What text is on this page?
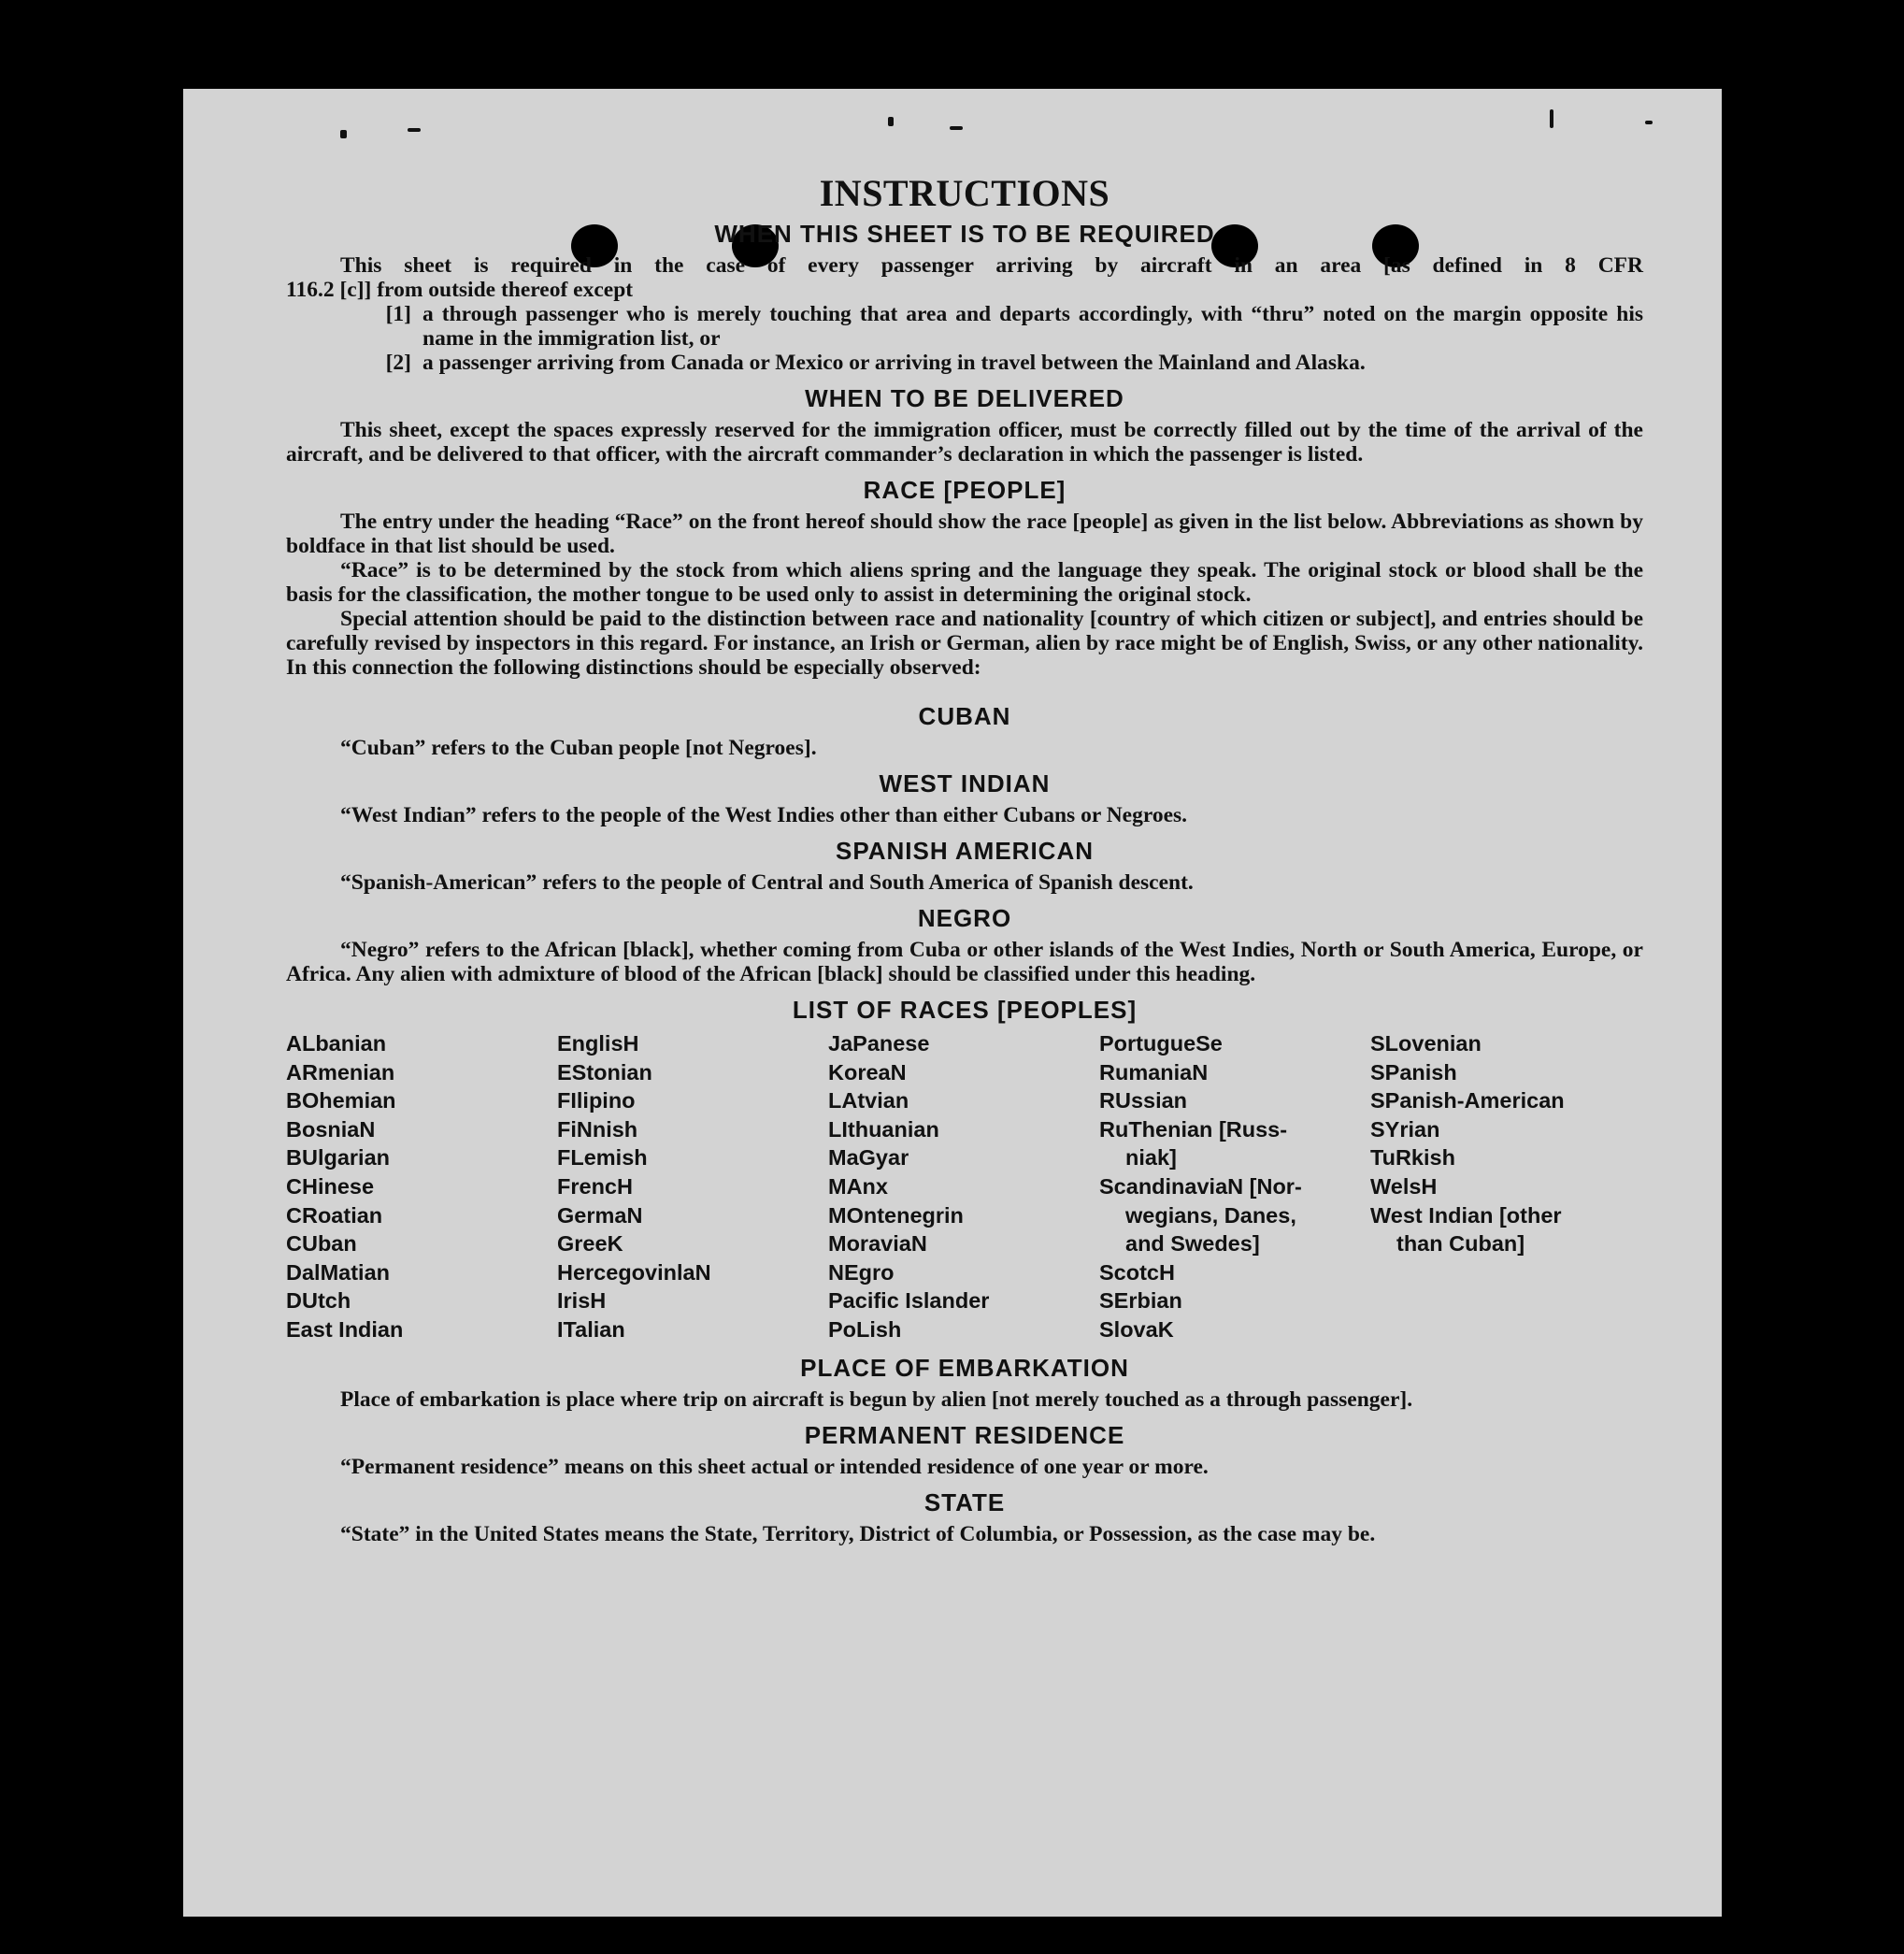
INSTRUCTIONS
WHEN THIS SHEET IS TO BE REQUIRED

This sheet is required in the case of every passenger arriving by aircraft in an area [as defined in 8 CFR

116.2 [c]] from outside thereof except

[1] a through passenger who is merely touching that area and departs accordingly, with “thru” noted on the margin opposite his name in the immigration list, or
[2] a passenger arriving from Canada or Mexico or arriving in travel between the Mainland and Alaska.
WHEN TO BE DELIVERED

This sheet, except the spaces expressly reserved for the immigration officer, must be correctly filled out by the time of the arrival of the aircraft, and be delivered to that officer, with the aircraft commander’s declaration in which the passenger is listed.

RACE [PEOPLE]

The entry under the heading “Race” on the front hereof should show the race [people] as given in the list below. Abbreviations as shown by boldface in that list should be used.

“Race” is to be determined by the stock from which aliens spring and the language they speak. The original stock or blood shall be the basis for the classification, the mother tongue to be used only to assist in determining the original stock.

Special attention should be paid to the distinction between race and nationality [country of which citizen or subject], and entries should be carefully revised by inspectors in this regard. For instance, an Irish or German, alien by race might be of English, Swiss, or any other nationality. In this connection the following distinctions should be especially observed:

CUBAN

“Cuban” refers to the Cuban people [not Negroes].

WEST INDIAN

“West Indian” refers to the people of the West Indies other than either Cubans or Negroes.

SPANISH AMERICAN

“Spanish-American” refers to the people of Central and South America of Spanish descent.

NEGRO

“Negro” refers to the African [black], whether coming from Cuba or other islands of the West Indies, North or South America, Europe, or Africa. Any alien with admixture of blood of the African [black] should be classified under this heading.

LIST OF RACES [PEOPLES]
ALbanian
ARmenian
BOhemian
BosniaN
BUlgarian
CHinese
CRoatian
CUban
DalMatian
DUtch
East Indian
EnglisH
EStonian
FIlipino
FiNnish
FLemish
FrencH
GermaN
GreeK
HercegovinlaN
IrisH
ITalian
JaPanese
KoreaN
LAtvian
LIthuanian
MaGyar
MAnx
MOntenegrin
MoraviaN
NEgro
Pacific Islander
PoLish
PortugueSe
RumaniaN
RUssian
RuThenian [Russ-
niak]
ScandinaviaN [Nor-
wegians, Danes,
and Swedes]
ScotcH
SErbian
SlovaK
SLovenian
SPanish
SPanish-American
SYrian
TuRkish
WelsH
West Indian [other
than Cuban]
PLACE OF EMBARKATION

Place of embarkation is place where trip on aircraft is begun by alien [not merely touched as a through passenger].

PERMANENT RESIDENCE

“Permanent residence” means on this sheet actual or intended residence of one year or more.

STATE

“State” in the United States means the State, Territory, District of Columbia, or Possession, as the case may be.
